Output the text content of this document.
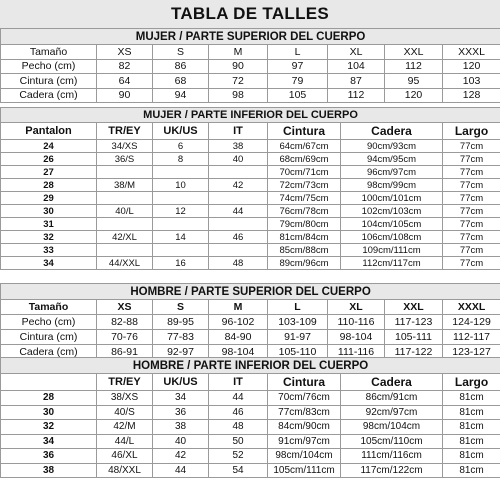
TABLA DE TALLES
MUJER / PARTE SUPERIOR DEL CUERPO							
Tamaño	XS	S	M	L	XL	XXL	XXXL
Pecho (cm)	82	86	90	97	104	112	120
Cintura (cm)	64	68	72	79	87	95	103
Cadera (cm)	90	94	98	105	112	120	128
MUJER / PARTE INFERIOR DEL CUERPO						
Pantalon	TR/EY	UK/US	IT	Cintura	Cadera	Largo
24	34/XS	6	38	64cm/67cm	90cm/93cm	77cm
26	36/S	8	40	68cm/69cm	94cm/95cm	77cm
27				70cm/71cm	96cm/97cm	77cm
28	38/M	10	42	72cm/73cm	98cm/99cm	77cm
29				74cm/75cm	100cm/101cm	77cm
30	40/L	12	44	76cm/78cm	102cm/103cm	77cm
31				79cm/80cm	104cm/105cm	77cm
32	42/XL	14	46	81cm/84cm	106cm/108cm	77cm
33				85cm/88cm	109cm/111cm	77cm
34	44/XXL	16	48	89cm/96cm	112cm/117cm	77cm
HOMBRE / PARTE SUPERIOR DEL CUERPO							
Tamaño	XS	S	M	L	XL	XXL	XXXL
Pecho (cm)	82-88	89-95	96-102	103-109	110-116	117-123	124-129
Cintura (cm)	70-76	77-83	84-90	91-97	98-104	105-111	112-117
Cadera (cm)	86-91	92-97	98-104	105-110	111-116	117-122	123-127
HOMBRE / PARTE INFERIOR DEL CUERPO						
	TR/EY	UK/US	IT	Cintura	Cadera	Largo
28	38/XS	34	44	70cm/76cm	86cm/91cm	81cm
30	40/S	36	46	77cm/83cm	92cm/97cm	81cm
32	42/M	38	48	84cm/90cm	98cm/104cm	81cm
34	44/L	40	50	91cm/97cm	105cm/110cm	81cm
36	46/XL	42	52	98cm/104cm	111cm/116cm	81cm
38	48/XXL	44	54	105cm/111cm	117cm/122cm	81cm
